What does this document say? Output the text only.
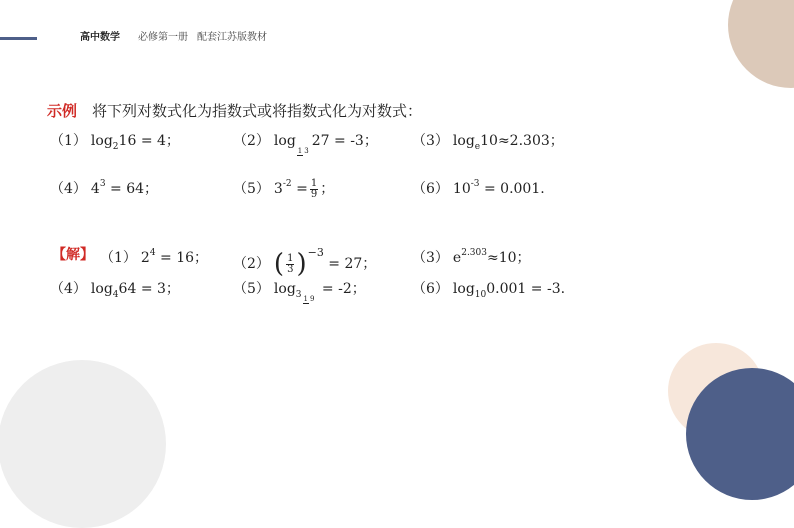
高中数学 必修第一册 配套江苏版教材
示例 将下列对数式化为指数式或将指数式化为对数式：
（1） $\log_216 = 4$；	（2） log1 327 = -3； （3） $\log_e10\approx 2.303$；
（4） $4^3 = 64$；	（5） $3^{-2} = \frac{1}{9}$ ；	（6） $10^{-3} = 0.001$.
【解】 （1） $2^4 = 16$； （2） ( $\frac{1}{3} )^{-3} = 27$；	（3） $e^{2.303}\approx 10$；
（4） $\log_464 = 3$；	（5） $\log_3 1$ 9 = -2；	（6） $\log_{10}0.001 = -3$.
